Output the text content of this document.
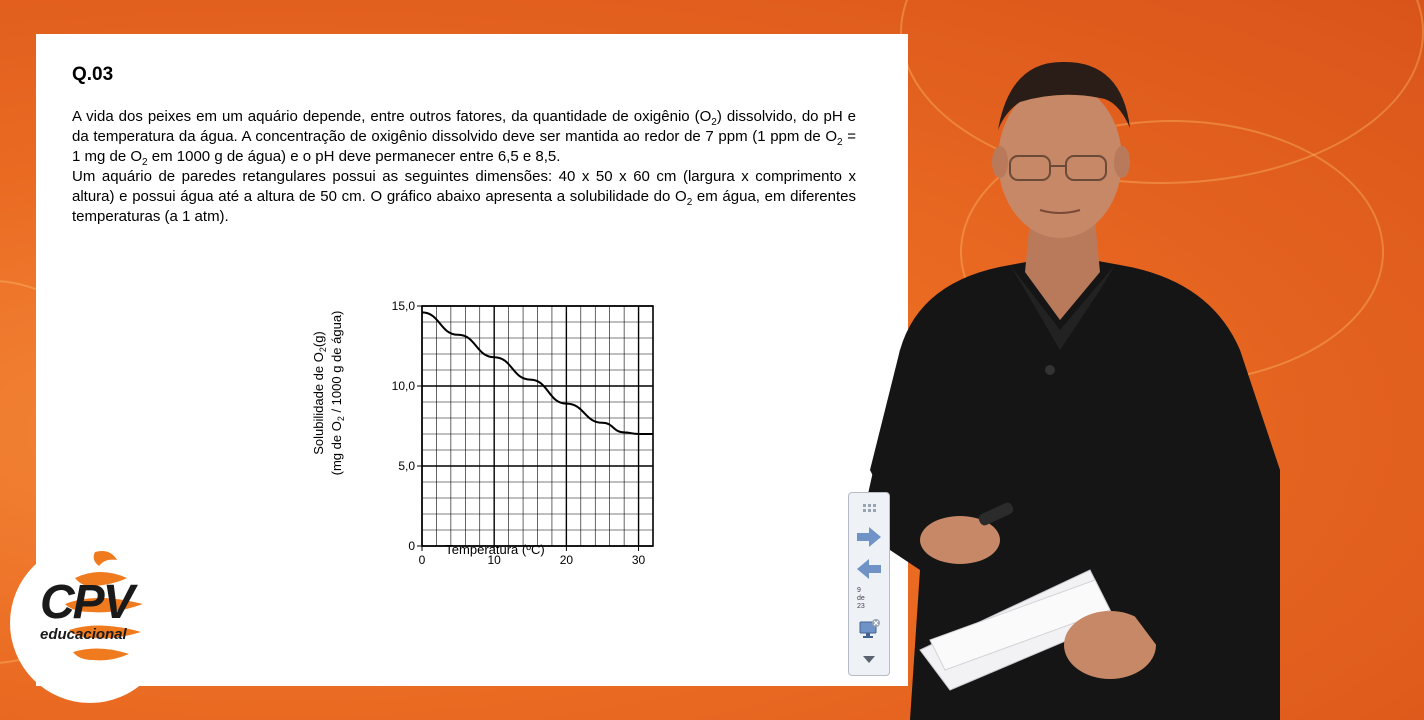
Q.03

A vida dos peixes em um aquário depende, entre outros fatores, da quantidade de oxigênio $(O_2)$ dissolvido, do pH e da temperatura da água. A concentração de oxigênio dissolvido deve ser mantida ao redor de 7 ppm (1 ppm de $O_2 = 1$ mg de $O_2$ em 1000 g de água) e o pH deve permanecer entre 6,5 e 8,5.

Um aquário de paredes retangulares possui as seguintes dimensões: 40 x 50 x 60 cm (largura x comprimento x altura) e possui água até a altura de 50 cm. O gráfico abaixo apresenta a solubilidade do $O_2$ em água, em diferentes temperaturas (a 1 atm).

0	10	20	30
0
5,0
10,0
15,0
Temperatura (ºC)
Solubilidade de $O_2(g)$
(mg de $O_2 / 1000$ g de água)
9
de
23
CPV
educacional
